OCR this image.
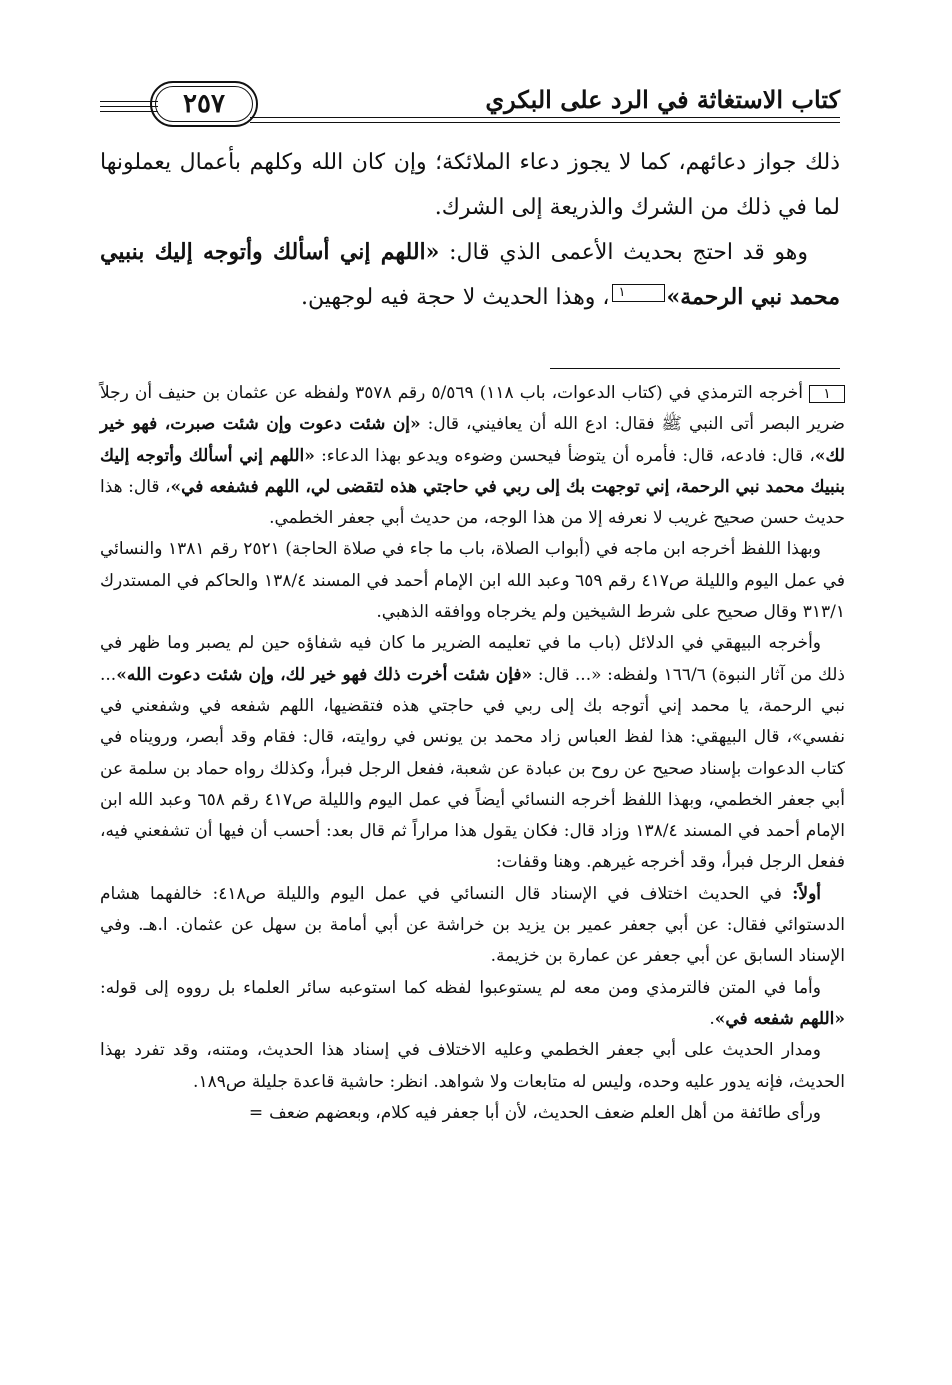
كتاب الاستغاثة في الرد على البكري
٢٥٧

ذلك جواز دعائهم، كما لا يجوز دعاء الملائكة؛ وإن كان الله وكلهم بأعمال يعملونها لما في ذلك من الشرك والذريعة إلى الشرك.

وهو قد احتج بحديث الأعمى الذي قال: «اللهم إني أسألك وأتوجه إليك بنبيي محمد نبي الرحمة»١، وهذا الحديث لا حجة فيه لوجهين.

١أخرجه الترمذي في (كتاب الدعوات، باب ١١٨) ٥/٥٦٩ رقم ٣٥٧٨ ولفظه عن عثمان بن حنيف أن رجلاً ضرير البصر أتى النبي ﷺ فقال: ادع الله أن يعافيني، قال: «إن شئت دعوت وإن شئت صبرت، فهو خير لك»، قال: فادعه، قال: فأمره أن يتوضأ فيحسن وضوءه ويدعو بهذا الدعاء: «اللهم إني أسألك وأتوجه إليك بنبيك محمد نبي الرحمة، إني توجهت بك إلى ربي في حاجتي هذه لتقضى لي، اللهم فشفعه في»، قال: هذا حديث حسن صحيح غريب لا نعرفه إلا من هذا الوجه، من حديث أبي جعفر الخطمي.

وبهذا اللفظ أخرجه ابن ماجه في (أبواب الصلاة، باب ما جاء في صلاة الحاجة) ٢٥٢١ رقم ١٣٨١ والنسائي في عمل اليوم والليلة ص٤١٧ رقم ٦٥٩ وعبد الله ابن الإمام أحمد في المسند ١٣٨/٤ والحاكم في المستدرك ٣١٣/١ وقال صحيح على شرط الشيخين ولم يخرجاه ووافقه الذهبي.

وأخرجه البيهقي في الدلائل (باب ما في تعليمه الضرير ما كان فيه شفاؤه حين لم يصبر وما ظهر في ذلك من آثار النبوة) ١٦٦/٦ ولفظه: «... قال: «فإن شئت أخرت ذلك فهو خير لك، وإن شئت دعوت الله»... نبي الرحمة، يا محمد إني أتوجه بك إلى ربي في حاجتي هذه فتقضيها، اللهم شفعه في وشفعني في نفسي»، قال البيهقي: هذا لفظ العباس زاد محمد بن يونس في روايته، قال: فقام وقد أبصر، ورويناه في كتاب الدعوات بإسناد صحيح عن روح بن عبادة عن شعبة، ففعل الرجل فبرأ، وكذلك رواه حماد بن سلمة عن أبي جعفر الخطمي، وبهذا اللفظ أخرجه النسائي أيضاً في عمل اليوم والليلة ص٤١٧ رقم ٦٥٨ وعبد الله ابن الإمام أحمد في المسند ١٣٨/٤ وزاد قال: فكان يقول هذا مراراً ثم قال بعد: أحسب أن فيها أن تشفعني فيه، ففعل الرجل فبرأ، وقد أخرجه غيرهم. وهنا وقفات:

أولاً: في الحديث اختلاف في الإسناد قال النسائي في عمل اليوم والليلة ص٤١٨: خالفهما هشام الدستوائي فقال: عن أبي جعفر عمير بن يزيد بن خراشة عن أبي أمامة بن سهل عن عثمان. ا.هـ. وفي الإسناد السابق عن أبي جعفر عن عمارة بن خزيمة.

وأما في المتن فالترمذي ومن معه لم يستوعبوا لفظه كما استوعبه سائر العلماء بل رووه إلى قوله: «اللهم شفعه في».

ومدار الحديث على أبي جعفر الخطمي وعليه الاختلاف في إسناد هذا الحديث، ومتنه، وقد تفرد بهذا الحديث، فإنه يدور عليه وحده، وليس له متابعات ولا شواهد. انظر: حاشية قاعدة جليلة ص١٨٩.

ورأى طائفة من أهل العلم ضعف الحديث، لأن أبا جعفر فيه كلام، وبعضهم ضعف=
